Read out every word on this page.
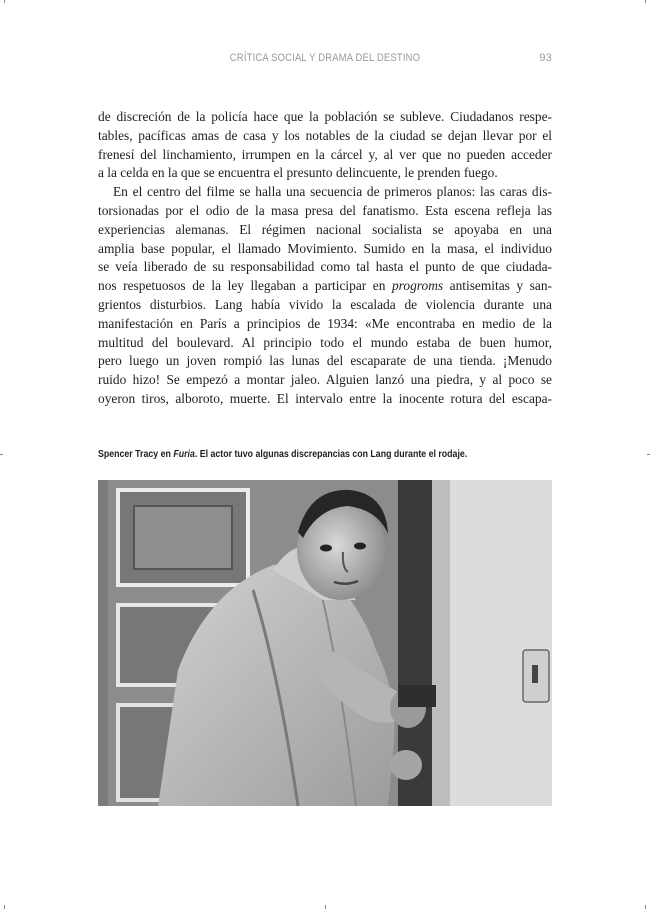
CRÍTICA SOCIAL Y DRAMA DEL DESTINO	93
de discreción de la policía hace que la población se subleve. Ciudadanos respe-
tables, pacíficas amas de casa y los notables de la ciudad se dejan llevar por el
frenesí del linchamiento, irrumpen en la cárcel y, al ver que no pueden acceder
a la celda en la que se encuentra el presunto delincuente, le prenden fuego.
En el centro del filme se halla una secuencia de primeros planos: las caras dis-
torsionadas por el odio de la masa presa del fanatismo. Esta escena refleja las
experiencias alemanas. El régimen nacional socialista se apoyaba en una
amplia base popular, el llamado Movimiento. Sumido en la masa, el individuo
se veía liberado de su responsabilidad como tal hasta el punto de que ciudada-
nos respetuosos de la ley llegaban a participar en progroms antisemitas y san-
grientos disturbios. Lang había vivido la escalada de violencia durante una
manifestación en París a principios de 1934: «Me encontraba en medio de la
multitud del boulevard. Al principio todo el mundo estaba de buen humor,
pero luego un joven rompió las lunas del escaparate de una tienda. ¡Menudo
ruido hizo! Se empezó a montar jaleo. Alguien lanzó una piedra, y al poco se
oyeron tiros, alboroto, muerte. El intervalo entre la inocente rotura del escapa-
Spencer Tracy en Furia. El actor tuvo algunas discrepancias con Lang durante el rodaje.
